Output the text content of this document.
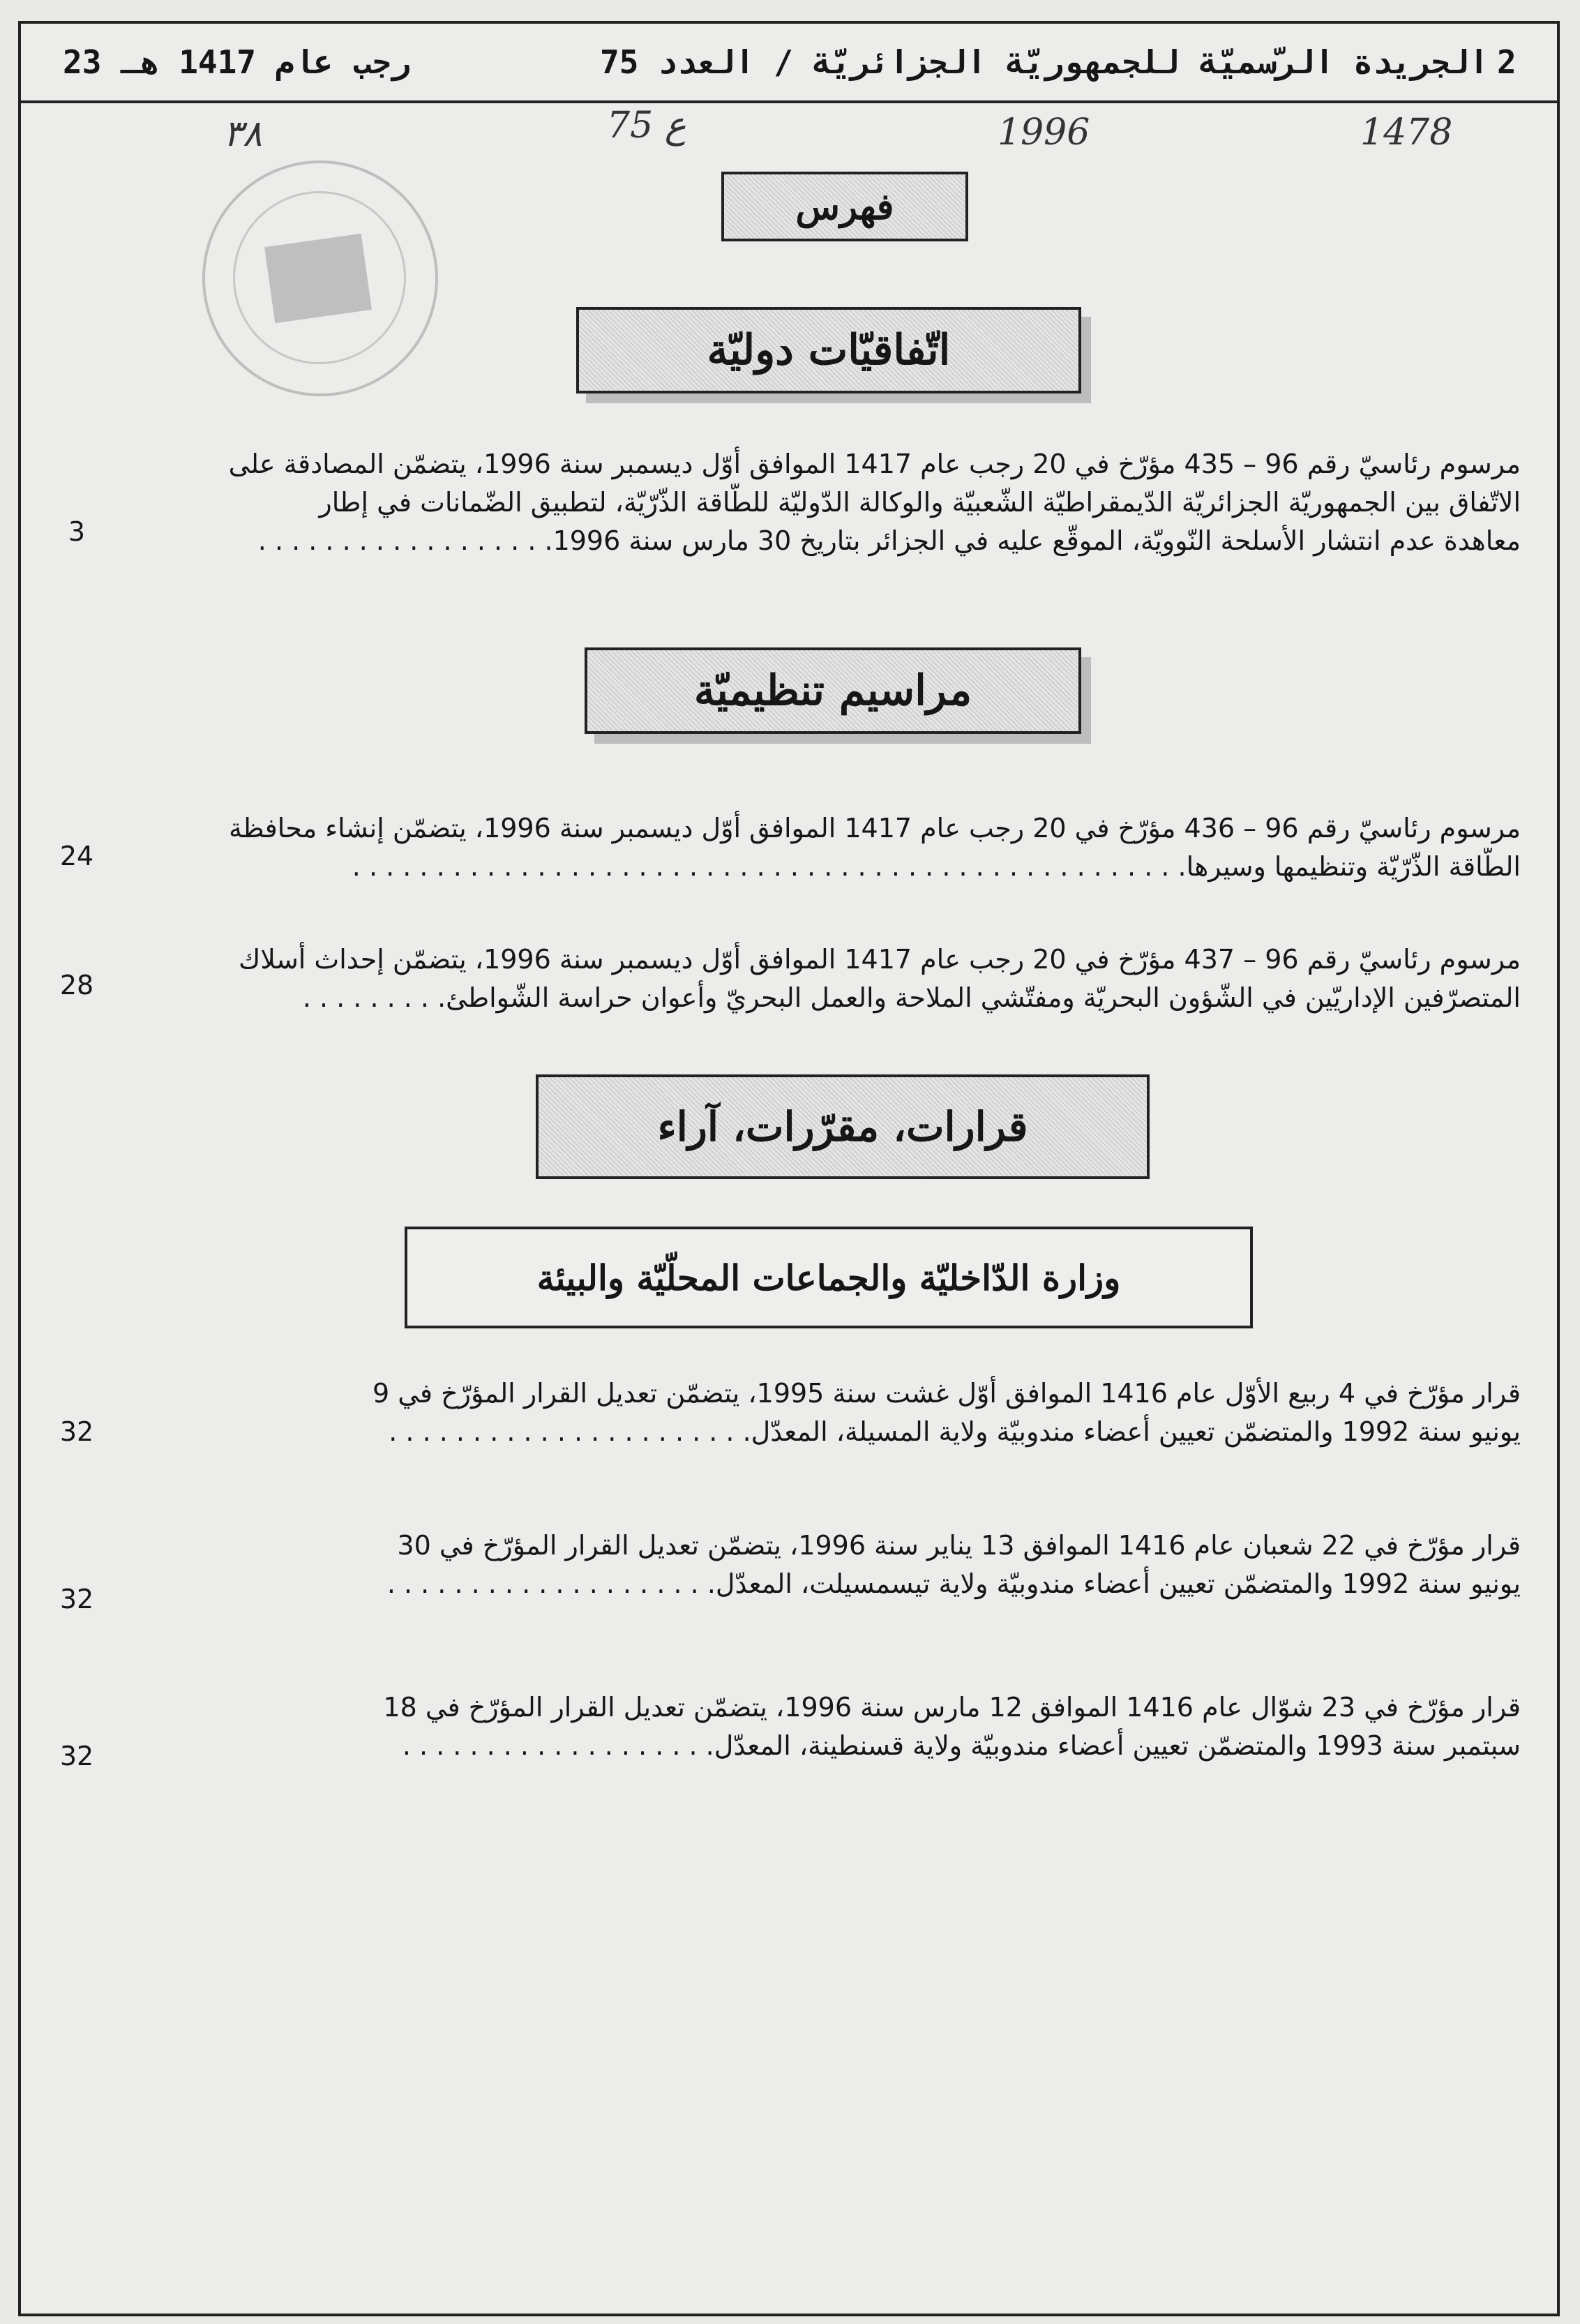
2
الجريدة الرّسميّة للجمهوريّة الجزائريّة / العدد 75
23 رجب عام 1417 هـ
1478
1996
ع 75
٣٨
فهرس
اتّفاقيّات دوليّة
مرسوم رئاسيّ رقم 96 – 435 مؤرّخ في 20 رجب عام 1417 الموافق أوّل ديسمبر سنة 1996، يتضمّن المصادقة على
الاتّفاق بين الجمهوريّة الجزائريّة الدّيمقراطيّة الشّعبيّة والوكالة الدّوليّة للطّاقة الذّرّيّة، لتطبيق الضّمانات في إطار
معاهدة عدم انتشار الأسلحة النّوويّة، الموقّع عليه في الجزائر بتاريخ 30 مارس سنة 1996. . . . . . . . . . . . . . . . . .
3
مراسيم تنظيميّة
مرسوم رئاسيّ رقم 96 – 436 مؤرّخ في 20 رجب عام 1417 الموافق أوّل ديسمبر سنة 1996، يتضمّن إنشاء محافظة
الطّاقة الذّرّيّة وتنظيمها وسيرها. . . . . . . . . . . . . . . . . . . . . . . . . . . . . . . . . . . . . . . . . . . . . . . . . .
24
مرسوم رئاسيّ رقم 96 – 437 مؤرّخ في 20 رجب عام 1417 الموافق أوّل ديسمبر سنة 1996، يتضمّن إحداث أسلاك
المتصرّفين الإداريّين في الشّؤون البحريّة ومفتّشي الملاحة والعمل البحريّ وأعوان حراسة الشّواطئ. . . . . . . . .
28
قرارات، مقرّرات، آراء
وزارة الدّاخليّة والجماعات المحلّيّة والبيئة
قرار مؤرّخ في 4 ربيع الأوّل عام 1416 الموافق أوّل غشت سنة 1995، يتضمّن تعديل القرار المؤرّخ في 9
يونيو سنة 1992 والمتضمّن تعيين أعضاء مندوبيّة ولاية المسيلة، المعدّل. . . . . . . . . . . . . . . . . . . . . .
32
قرار مؤرّخ في 22 شعبان عام 1416 الموافق 13 يناير سنة 1996، يتضمّن تعديل القرار المؤرّخ في 30
يونيو سنة 1992 والمتضمّن تعيين أعضاء مندوبيّة ولاية تيسمسيلت، المعدّل. . . . . . . . . . . . . . . . . . . .
32
قرار مؤرّخ في 23 شوّال عام 1416 الموافق 12 مارس سنة 1996، يتضمّن تعديل القرار المؤرّخ في 18
سبتمبر سنة 1993 والمتضمّن تعيين أعضاء مندوبيّة ولاية قسنطينة، المعدّل. . . . . . . . . . . . . . . . . . .
32
